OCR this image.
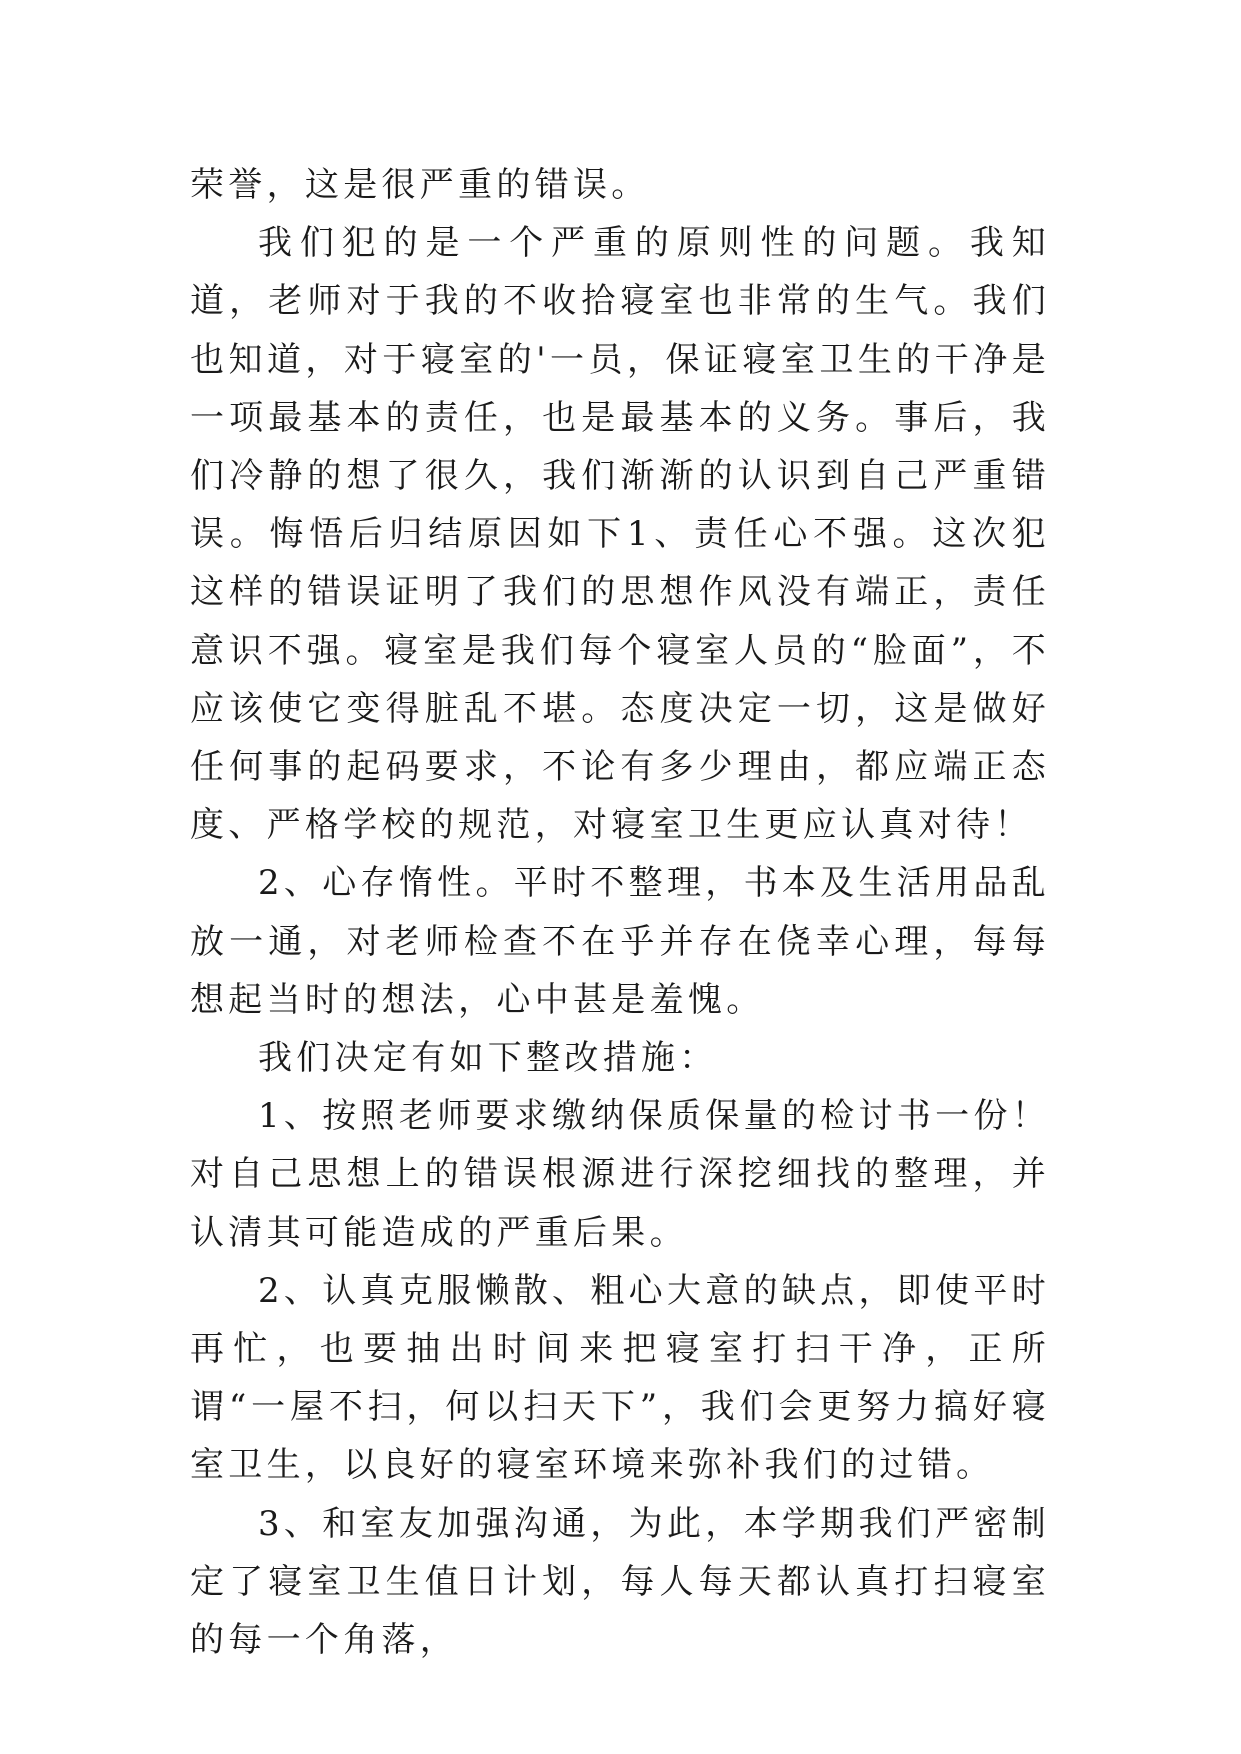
荣誉，这是很严重的错误。

我们犯的是一个严重的原则性的问题。我知道，老师对于我的不收拾寝室也非常的生气。我们也知道，对于寝室的'一员，保证寝室卫生的干净是一项最基本的责任，也是最基本的义务。事后，我们冷静的想了很久，我们渐渐的认识到自己严重错误。悔悟后归结原因如下1、责任心不强。这次犯这样的错误证明了我们的思想作风没有端正，责任意识不强。寝室是我们每个寝室人员的“脸面”，不应该使它变得脏乱不堪。态度决定一切，这是做好任何事的起码要求，不论有多少理由，都应端正态度、严格学校的规范，对寝室卫生更应认真对待！

2、心存惰性。平时不整理，书本及生活用品乱放一通，对老师检查不在乎并存在侥幸心理，每每想起当时的想法，心中甚是羞愧。

我们决定有如下整改措施：

1、按照老师要求缴纳保质保量的检讨书一份！对自己思想上的错误根源进行深挖细找的整理，并认清其可能造成的严重后果。

2、认真克服懒散、粗心大意的缺点，即使平时再忙，也要抽出时间来把寝室打扫干净，正所谓“一屋不扫，何以扫天下”，我们会更努力搞好寝室卫生，以良好的寝室环境来弥补我们的过错。

3、和室友加强沟通，为此，本学期我们严密制定了寝室卫生值日计划，每人每天都认真打扫寝室的每一个角落，
